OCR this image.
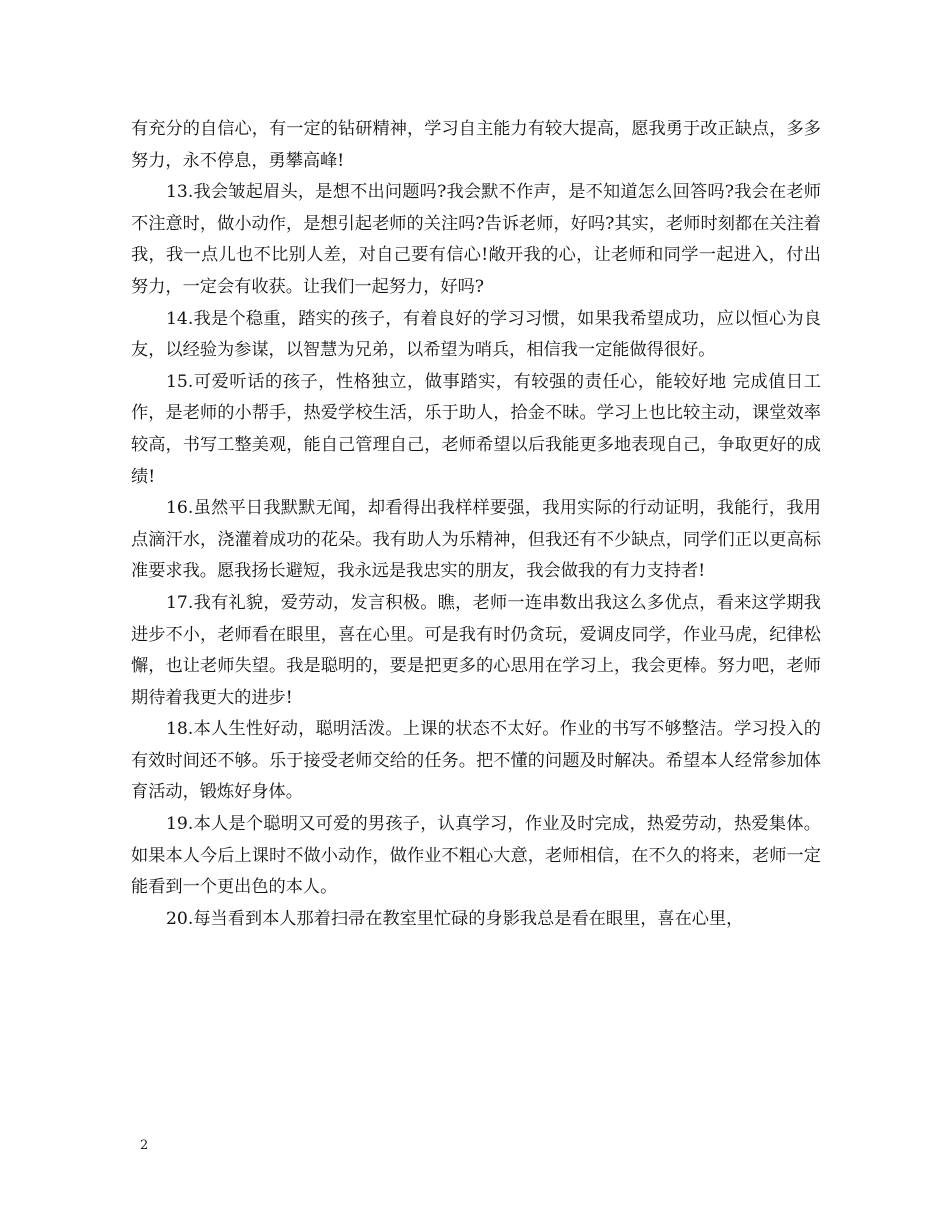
有充分的自信心，有一定的钻研精神，学习自主能力有较大提高，愿我勇于改正缺点，多多努力，永不停息，勇攀高峰!

13.我会皱起眉头，是想不出问题吗?我会默不作声，是不知道怎么回答吗?我会在老师不注意时，做小动作，是想引起老师的关注吗?告诉老师，好吗?其实，老师时刻都在关注着我，我一点儿也不比别人差，对自己要有信心!敞开我的心，让老师和同学一起进入，付出努力，一定会有收获。让我们一起努力，好吗?

14.我是个稳重，踏实的孩子，有着良好的学习习惯，如果我希望成功，应以恒心为良友，以经验为参谋，以智慧为兄弟，以希望为哨兵，相信我一定能做得很好。

15.可爱听话的孩子，性格独立，做事踏实，有较强的责任心，能较好地 完成值日工作，是老师的小帮手，热爱学校生活，乐于助人，拾金不昧。学习上也比较主动，课堂效率较高，书写工整美观，能自己管理自己，老师希望以后我能更多地表现自己，争取更好的成绩!

16.虽然平日我默默无闻，却看得出我样样要强，我用实际的行动证明，我能行，我用点滴汗水，浇灌着成功的花朵。我有助人为乐精神，但我还有不少缺点，同学们正以更高标准要求我。愿我扬长避短，我永远是我忠实的朋友，我会做我的有力支持者!

17.我有礼貌，爱劳动，发言积极。瞧，老师一连串数出我这么多优点，看来这学期我进步不小，老师看在眼里，喜在心里。可是我有时仍贪玩，爱调皮同学，作业马虎，纪律松懈，也让老师失望。我是聪明的，要是把更多的心思用在学习上，我会更棒。努力吧，老师期待着我更大的进步!

18.本人生性好动，聪明活泼。上课的状态不太好。作业的书写不够整洁。学习投入的有效时间还不够。乐于接受老师交给的任务。把不懂的问题及时解决。希望本人经常参加体育活动，锻炼好身体。

19.本人是个聪明又可爱的男孩子，认真学习，作业及时完成，热爱劳动，热爱集体。如果本人今后上课时不做小动作，做作业不粗心大意，老师相信，在不久的将来，老师一定能看到一个更出色的本人。

20.每当看到本人那着扫帚在教室里忙碌的身影我总是看在眼里，喜在心里，

2
